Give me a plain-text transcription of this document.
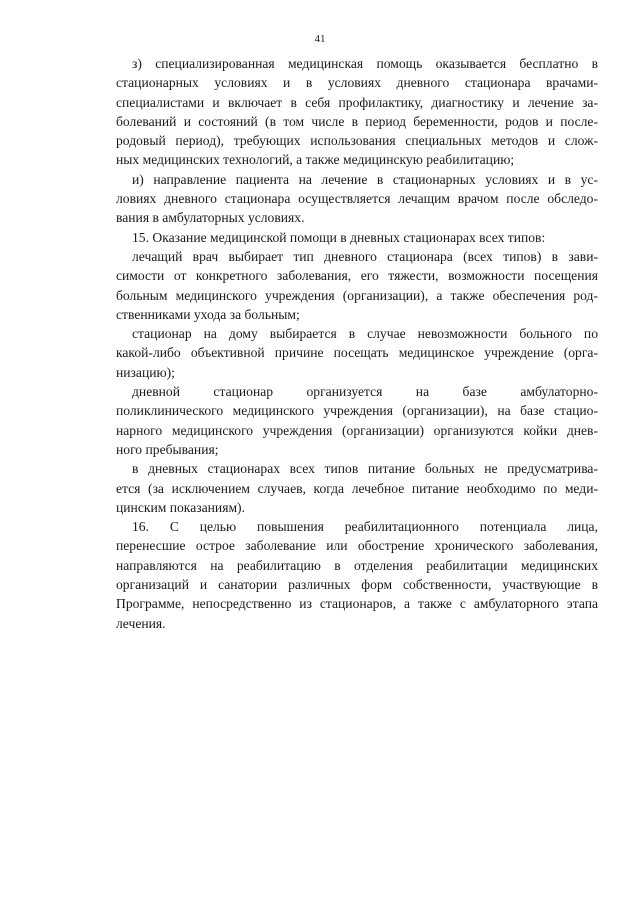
41

з) специализированная медицинская помощь оказывается бесплатно в
стационарных условиях и в условиях дневного стационара врачами-
специалистами и включает в себя профилактику, диагностику и лечение за-
болеваний и состояний (в том числе в период беременности, родов и после-
родовый период), требующих использования специальных методов и слож-
ных медицинских технологий, а также медицинскую реабилитацию;

и) направление пациента на лечение в стационарных условиях и в ус-
ловиях дневного стационара осуществляется лечащим врачом после обследо-
вания в амбулаторных условиях.

15. Оказание медицинской помощи в дневных стационарах всех типов:

лечащий врач выбирает тип дневного стационара (всех типов) в зави-
симости от конкретного заболевания, его тяжести, возможности посещения
больным медицинского учреждения (организации), а также обеспечения род-
ственниками ухода за больным;

стационар на дому выбирается в случае невозможности больного по
какой-либо объективной причине посещать медицинское учреждение (орга-
низацию);

дневной стационар организуется на базе амбулаторно-
поликлинического медицинского учреждения (организации), на базе стацио-
нарного медицинского учреждения (организации) организуются койки днев-
ного пребывания;

в дневных стационарах всех типов питание больных не предусматрива-
ется (за исключением случаев, когда лечебное питание необходимо по меди-
цинским показаниям).

16. С целью повышения реабилитационного потенциала лица,
перенесшие острое заболевание или обострение хронического заболевания,
направляются на реабилитацию в отделения реабилитации медицинских
организаций и санатории различных форм собственности, участвующие в
Программе, непосредственно из стационаров, а также с амбулаторного этапа
лечения.
